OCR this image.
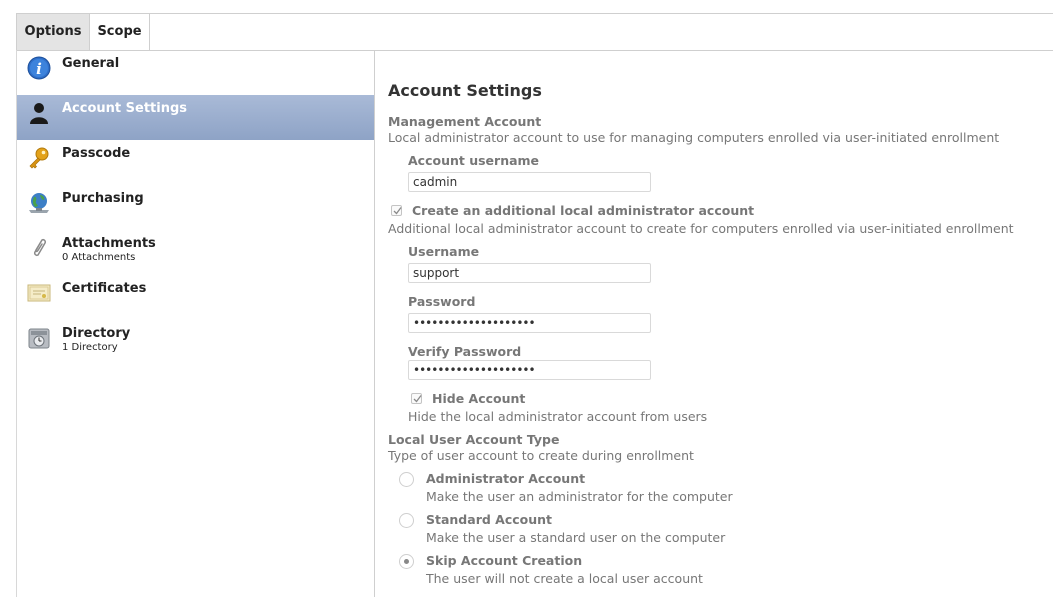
Options	Scope
i General
Account Settings
Passcode
Purchasing
Attachments
0 Attachments
Certificates
Directory
1 Directory
Account Settings
Management Account
Local administrator account to use for managing computers enrolled via user-initiated enrollment
Account username
cadmin
Create an additional local administrator account
Additional local administrator account to create for computers enrolled via user-initiated enrollment
Username
support
Password
••••••••••••••••••••
Verify Password
••••••••••••••••••••
Hide Account
Hide the local administrator account from users
Local User Account Type
Type of user account to create during enrollment
Administrator Account
Make the user an administrator for the computer
Standard Account
Make the user a standard user on the computer
Skip Account Creation
The user will not create a local user account
